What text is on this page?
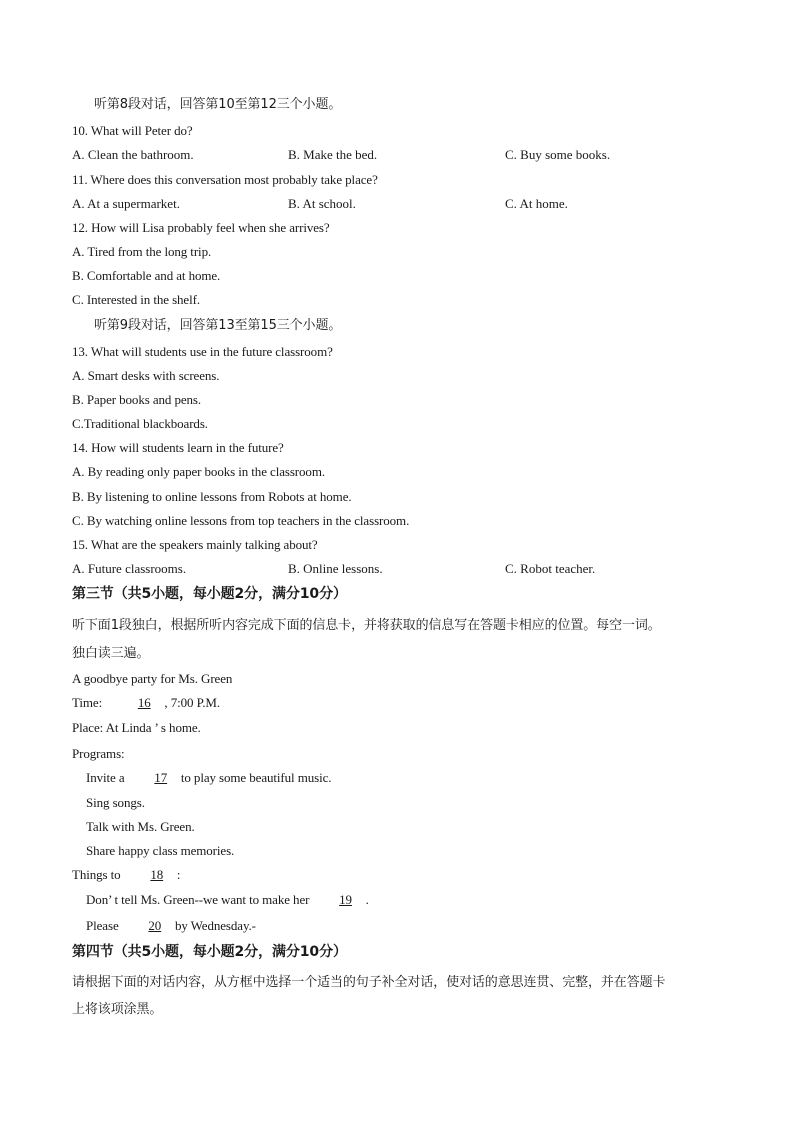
听第8段对话，回答第10至第12三个小题。
10. What will Peter do?
A. Clean the bathroom.	B. Make the bed.	C. Buy some books.
11. Where does this conversation most probably take place?
A. At a supermarket.	B. At school.	C. At home.
12. How will Lisa probably feel when she arrives?
A. Tired from the long trip.
B. Comfortable and at home.
C. Interested in the shelf.
听第9段对话，回答第13至第15三个小题。
13. What will students use in the future classroom?
A. Smart desks with screens.
B. Paper books and pens.
C.Traditional blackboards.
14. How will students learn in the future?
A. By reading only paper books in the classroom.
B. By listening to online lessons from Robots at home.
C. By watching online lessons from top teachers in the classroom.
15. What are the speakers mainly talking about?
A. Future classrooms.	B. Online lessons.	C. Robot teacher.
第三节（共5小题，每小题2分，满分10分）
听下面1段独白，根据所听内容完成下面的信息卡，并将获取的信息写在答题卡相应的位置。每空一词。
独白读三遍。
A goodbye party for Ms. Green
Time:	16 , 7:00 P.M.
Place: At Linda ’ s home.
Programs:
Invite a 17 to play some beautiful music.
Sing songs.
Talk with Ms. Green.
Share happy class memories.
Things to 18 :
Don’ t tell Ms. Green--we want to make her 19 .
Please 20 by Wednesday.-
第四节（共5小题，每小题2分，满分10分）
请根据下面的对话内容，从方框中选择一个适当的句子补全对话，使对话的意思连贯、完整，并在答题卡
上将该项涂黑。
